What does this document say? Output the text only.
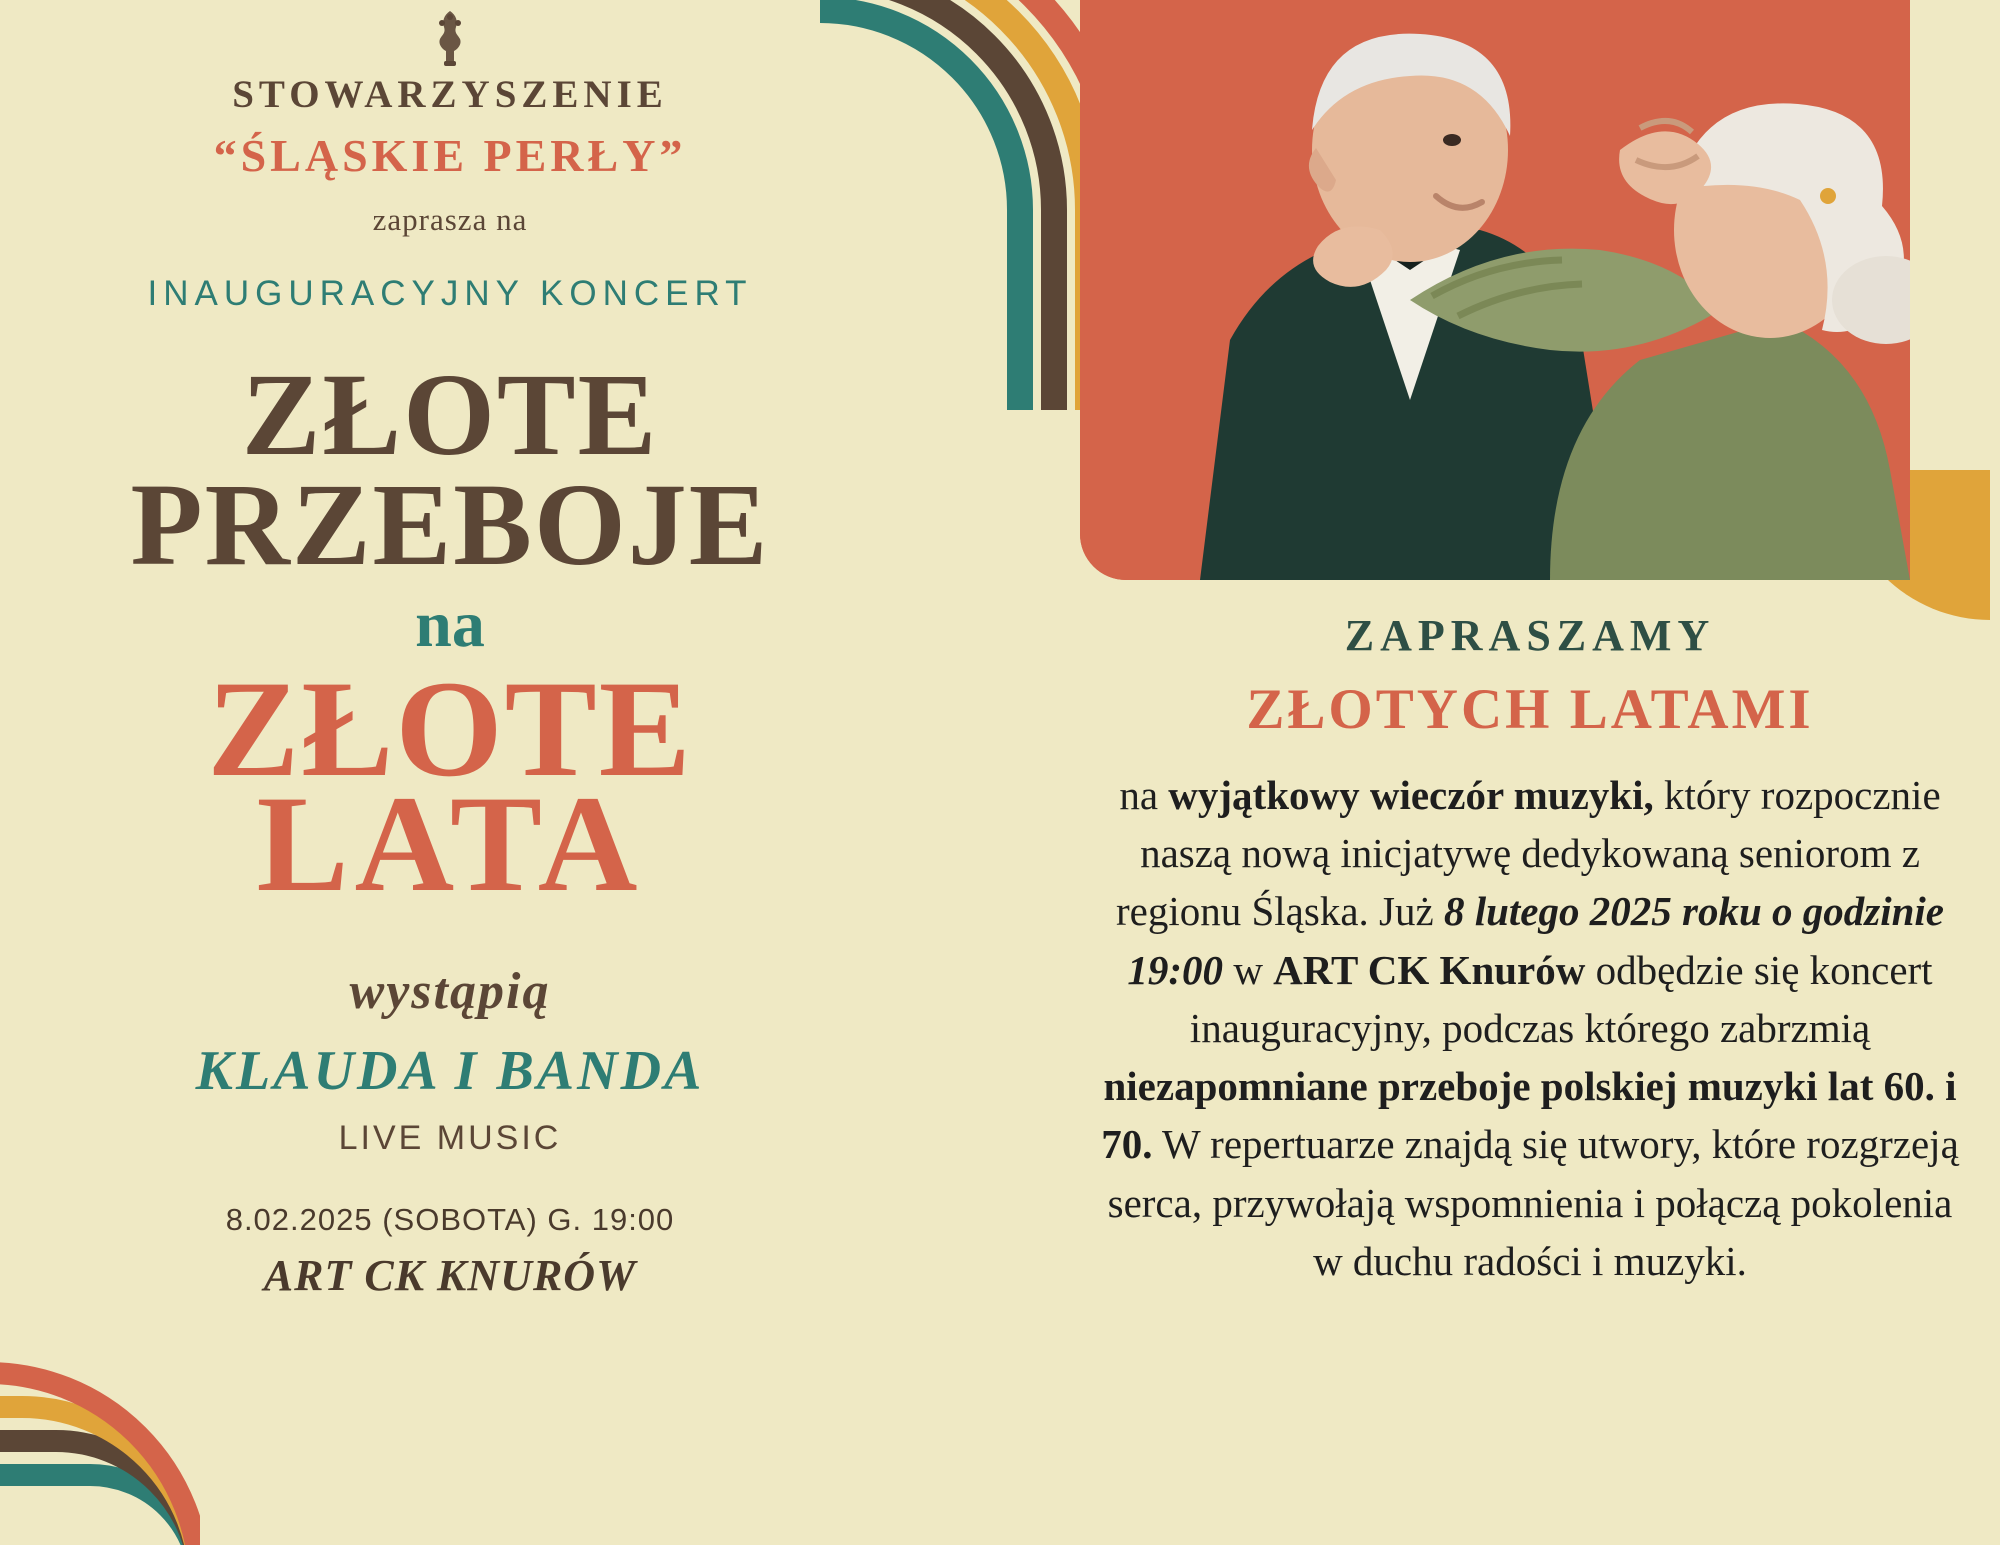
STOWARZYSZENIE
“ŚLĄSKIE PERŁY”
zaprasza na
INAUGURACYJNY KONCERT
ZŁOTE
PRZEBOJE
na
ZŁOTE
LATA
wystąpią
KLAUDA I BANDA
LIVE MUSIC
8.02.2025 (SOBOTA) G. 19:00
ART CK KNURÓW
ZAPRASZAMY
ZŁOTYCH LATAMI
na wyjątkowy wieczór muzyki, który rozpocznie naszą nową inicjatywę dedykowaną seniorom z regionu Śląska. Już 8 lutego 2025 roku o godzinie 19:00 w ART CK Knurów odbędzie się koncert inauguracyjny, podczas którego zabrzmią niezapomniane przeboje polskiej muzyki lat 60. i 70. W repertuarze znajdą się utwory, które rozgrzeją serca, przywołają wspomnienia i połączą pokolenia w duchu radości i muzyki.
